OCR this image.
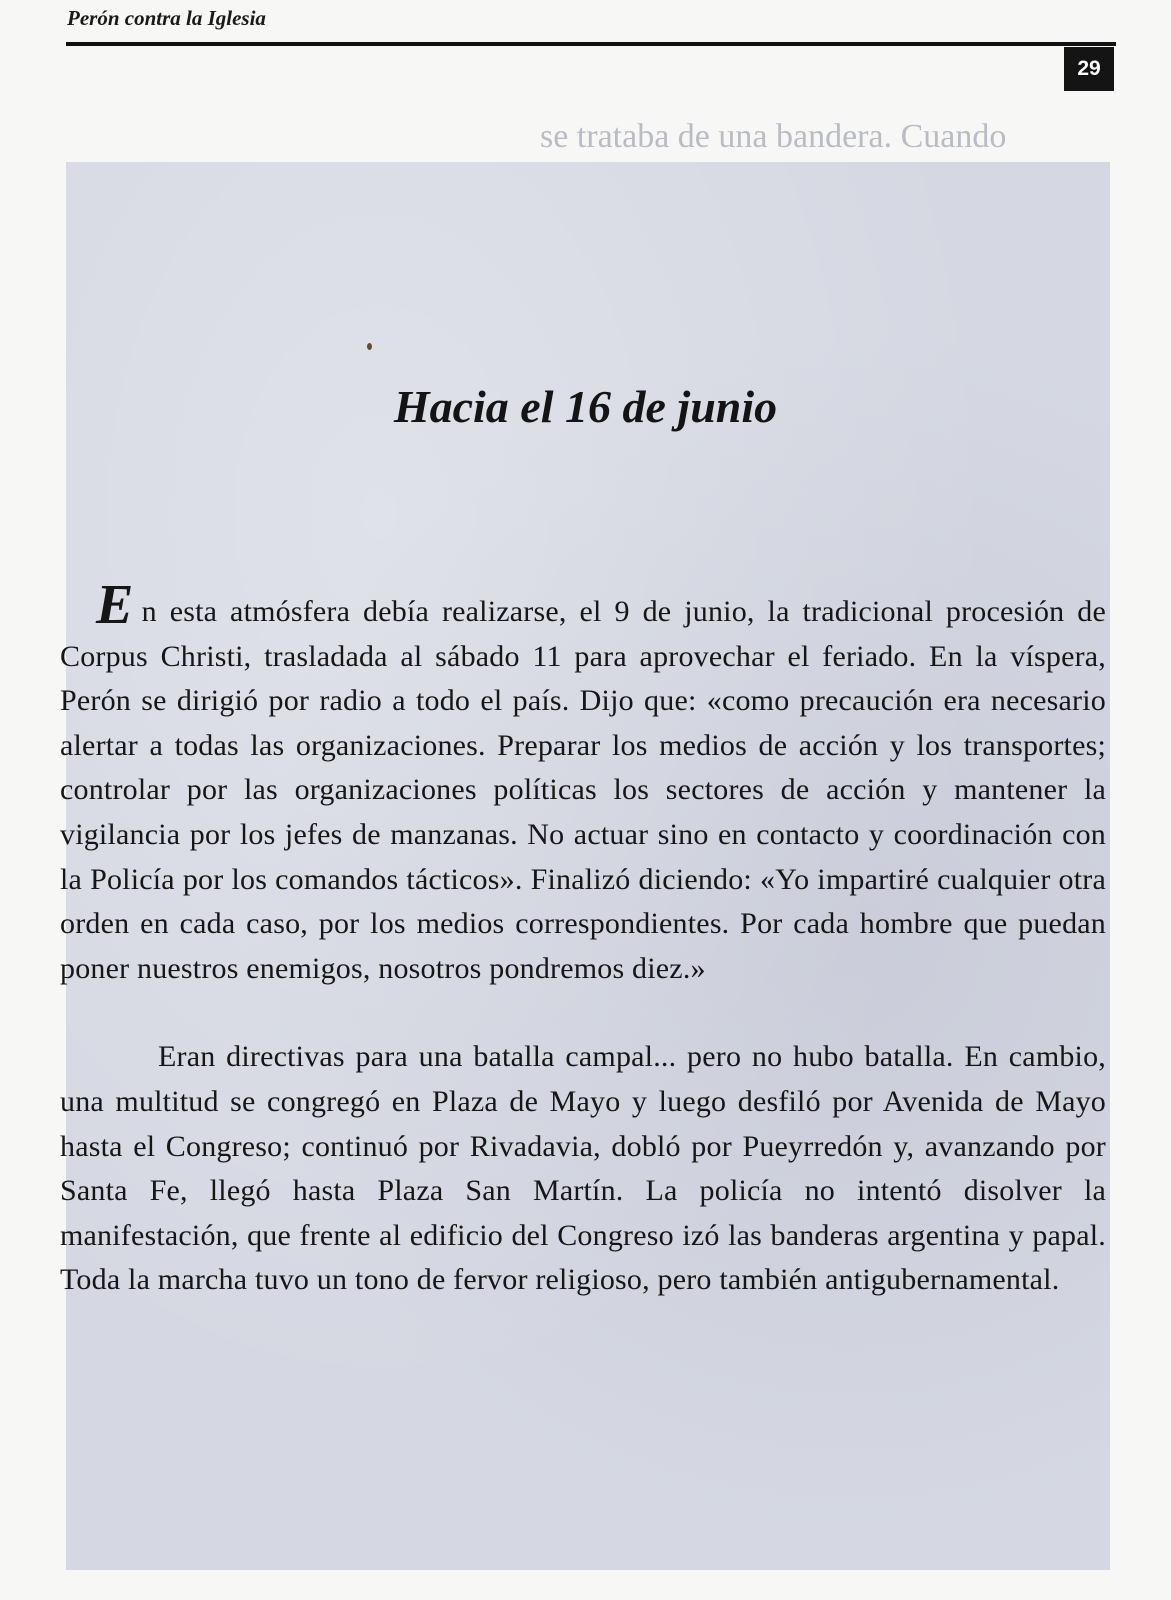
Perón contra la Iglesia
29
se trataba de una bandera. Cuando
Hacia el 16 de junio

En esta atmósfera debía realizarse, el 9 de junio, la tradicional procesión de Corpus Christi, trasladada al sábado 11 para aprovechar el feriado. En la víspera, Perón se dirigió por radio a todo el país. Dijo que: «como precaución era necesario alertar a todas las organizaciones. Preparar los medios de acción y los transportes; controlar por las organizaciones políticas los sectores de acción y mantener la vigilancia por los jefes de manzanas. No actuar sino en contacto y coordinación con la Policía por los comandos tácticos». Finalizó diciendo: «Yo impartiré cualquier otra orden en cada caso, por los medios correspondientes. Por cada hombre que puedan poner nuestros enemigos, nosotros pondremos diez.»

Eran directivas para una batalla campal... pero no hubo batalla. En cambio, una multitud se congregó en Plaza de Mayo y luego desfiló por Avenida de Mayo hasta el Congreso; continuó por Rivadavia, dobló por Pueyrredón y, avanzando por Santa Fe, llegó hasta Plaza San Martín. La policía no intentó disolver la manifestación, que frente al edificio del Congreso izó las banderas argentina y papal. Toda la marcha tuvo un tono de fervor religioso, pero también antigubernamental.
